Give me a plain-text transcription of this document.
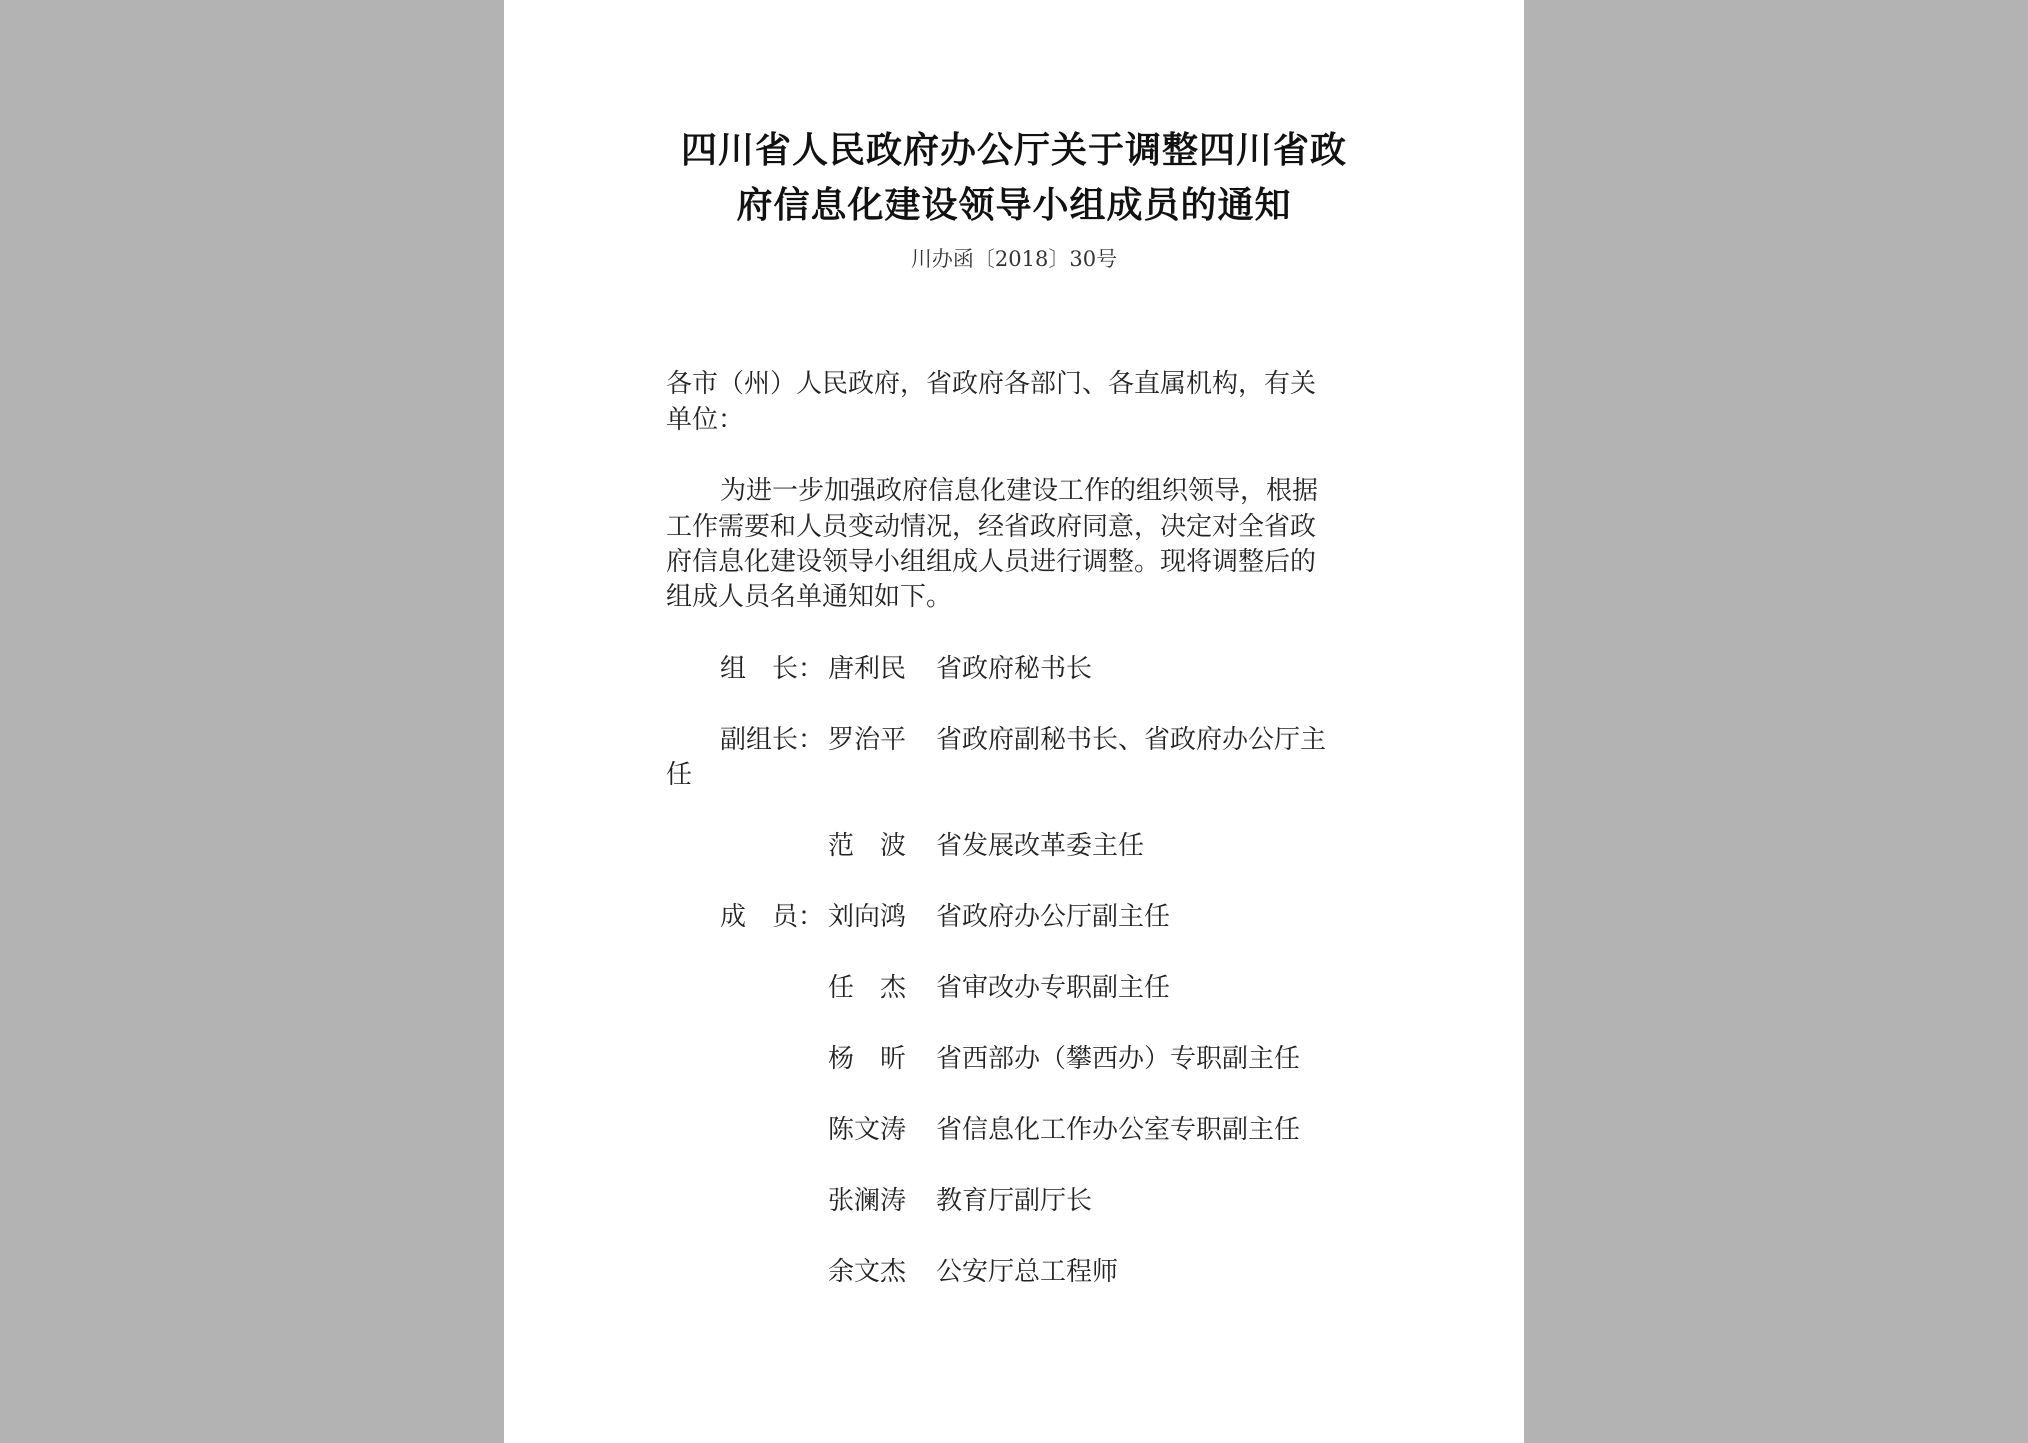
四川省人民政府办公厅关于调整四川省政
府信息化建设领导小组成员的通知
川办函〔2018〕30号
各市（州）人民政府，省政府各部门、各直属机构，有关
单位：
为进一步加强政府信息化建设工作的组织领导，根据
工作需要和人员变动情况，经省政府同意，决定对全省政
府信息化建设领导小组组成人员进行调整。现将调整后的
组成人员名单通知如下。
组　长： 唐利民 省政府秘书长
副组长： 罗治平 省政府副秘书长、省政府办公厅主
任
范　波 省发展改革委主任
成　员： 刘向鸿 省政府办公厅副主任
任　杰 省审改办专职副主任
杨　昕 省西部办（攀西办）专职副主任
陈文涛 省信息化工作办公室专职副主任
张澜涛 教育厅副厅长
余文杰 公安厅总工程师
